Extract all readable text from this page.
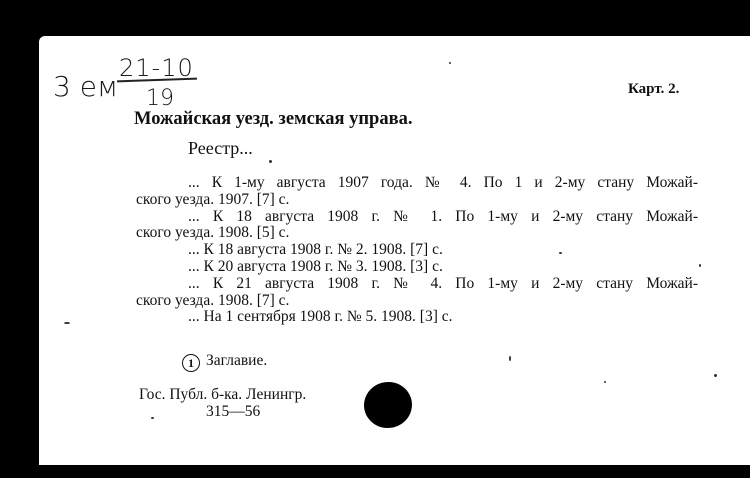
3 ем
21-10
19	Карт. 2.
Можайская уезд. земская управа.
Реестр...
... К 1-му августа 1907 года. № 4. По 1 и 2-му стану Можай-
ского уезда. 1907. [7] с.
... К 18 августа 1908 г. № 1. По 1-му и 2-му стану Можай-
ского уезда. 1908. [5] с.
... К 18 августа 1908 г. № 2. 1908. [7] с.
... К 20 августа 1908 г. № 3. 1908. [3] с.
... К 21 августа 1908 г. № 4. По 1-му и 2-му стану Можай-
ского уезда. 1908. [7] с.
... На 1 сентября 1908 г. № 5. 1908. [3] с.
1 Заглавие.
Гос. Публ. б-ка. Ленингр.
315—56
